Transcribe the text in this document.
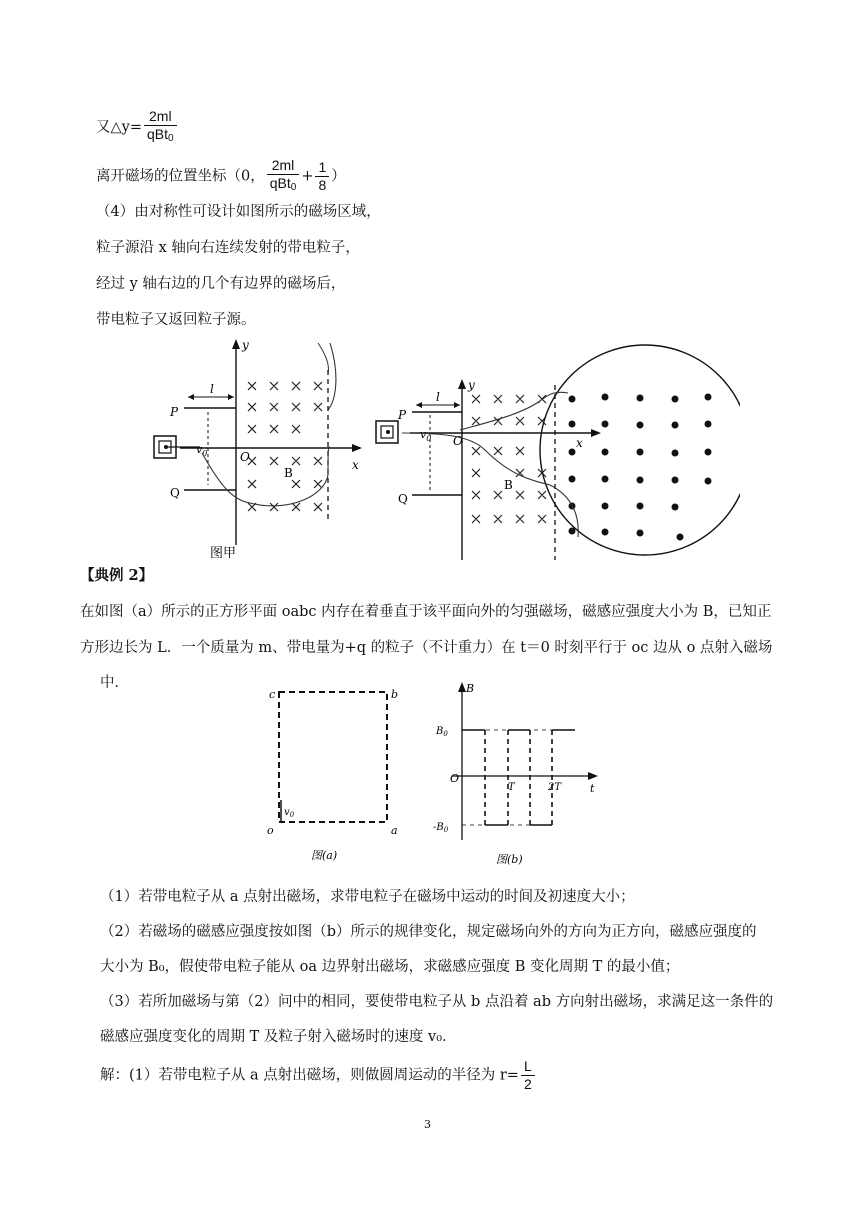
又△y= $\frac{2ml}{qBt_0}$
离开磁场的位置坐标（0， $\frac{2ml}{qBt_0} + \frac{1}{8}$ ）
（4）由对称性可设计如图所示的磁场区域，
粒子源沿 x 轴向右连续发射的带电粒子，
经过 y 轴右边的几个有边界的磁场后，
带电粒子又返回粒子源。
y
x
P
Q
l
$v_0$	O
B
图甲
y
x
P
Q
l
$v_0$ O
B
【典例 2】
在如图（a）所示的正方形平面 oabc 内存在着垂直于该平面向外的匀强磁场，磁感应强度大小为 B，已知正
方形边长为 L．一个质量为 m、带电量为+q 的粒子（不计重力）在 t＝0 时刻平行于 oc 边从 o 点射入磁场
中．
c	b
o	a
$v_0$
图(a)
B
t
$B_0$
$-B_0$
O
T	2T
图(b)
（1）若带电粒子从 a 点射出磁场，求带电粒子在磁场中运动的时间及初速度大小；
（2）若磁场的磁感应强度按如图（b）所示的规律变化，规定磁场向外的方向为正方向，磁感应强度的
大小为 B₀，假使带电粒子能从 oa 边界射出磁场，求磁感应强度 B 变化周期 T 的最小值；
（3）若所加磁场与第（2）问中的相同，要使带电粒子从 b 点沿着 ab 方向射出磁场，求满足这一条件的
磁感应强度变化的周期 T 及粒子射入磁场时的速度 v₀．
解：(1）若带电粒子从 a 点射出磁场，则做圆周运动的半径为 $r= \frac{L}{2}$
3
